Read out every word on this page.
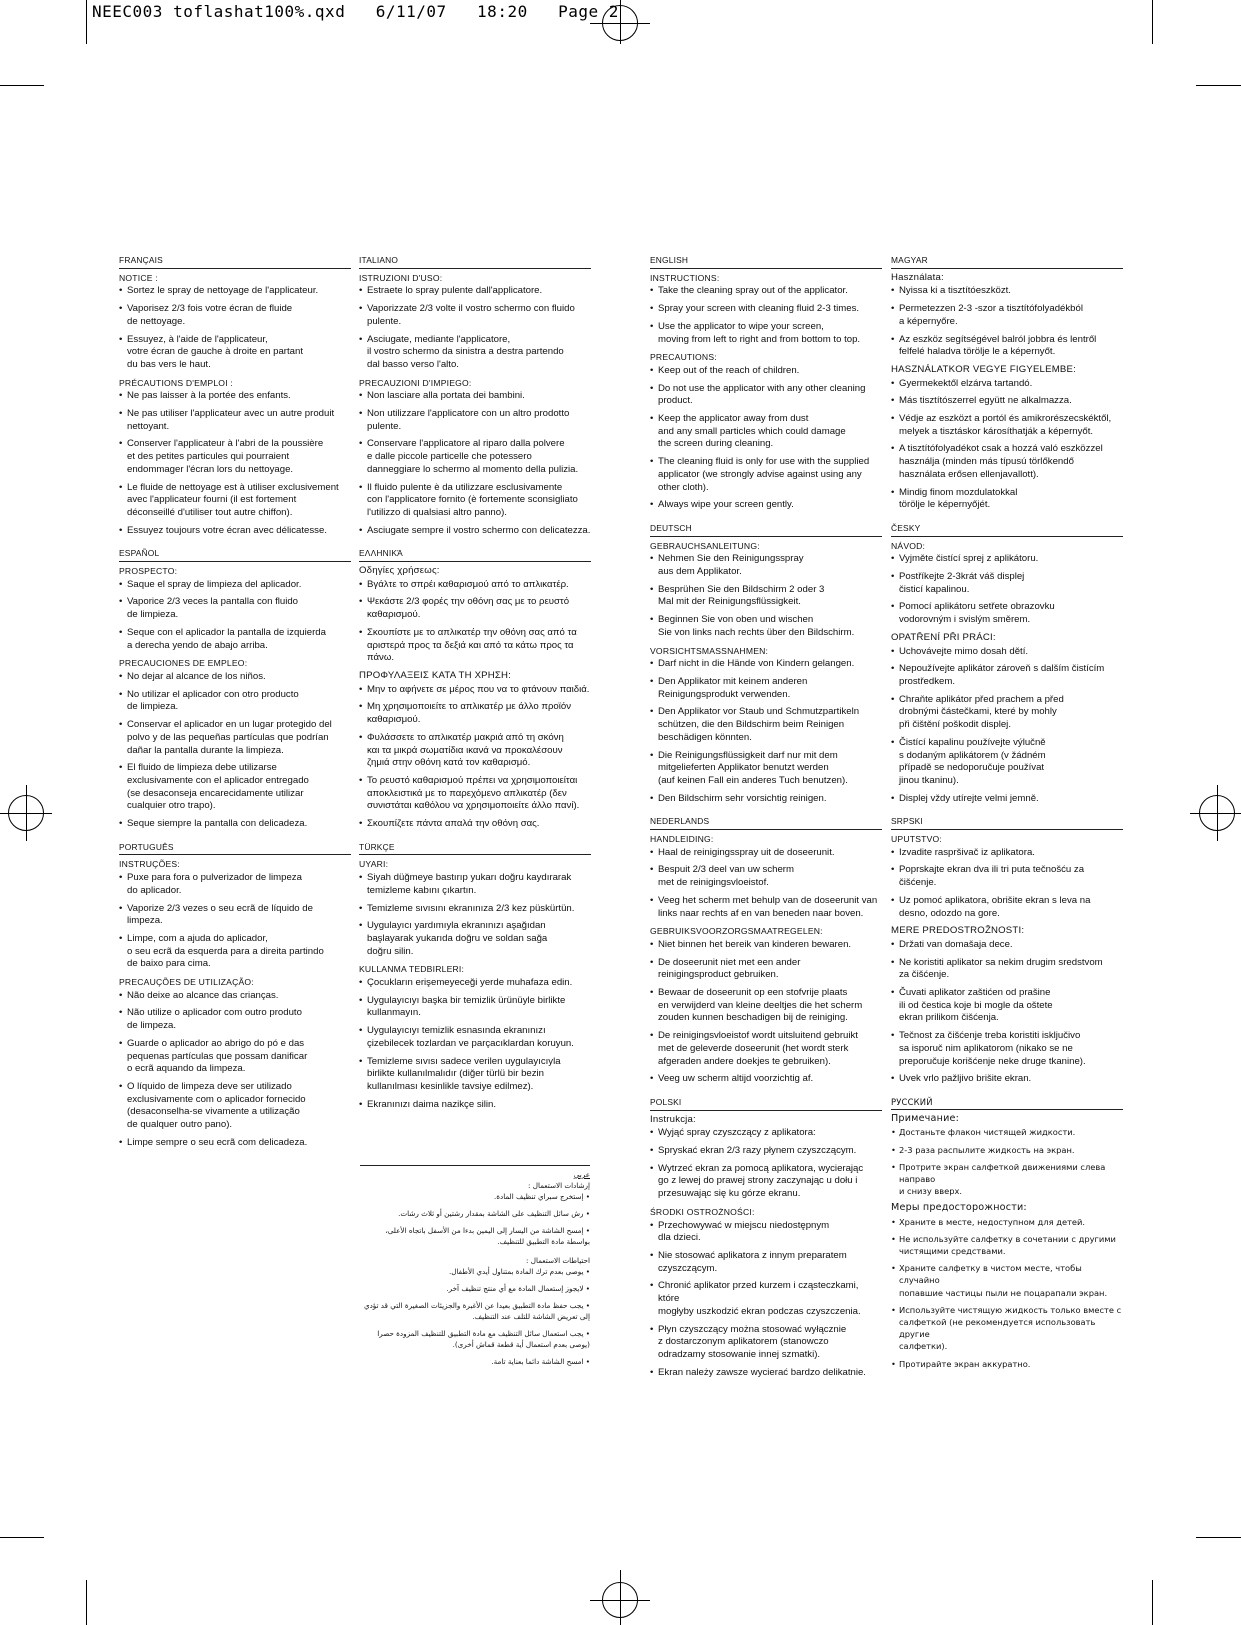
NEEC003 toflashat100%.qxd   6/11/07   18:20   Page 2
FRANÇAIS
NOTICE :
• Sortez le spray de nettoyage de l'applicateur.
• Vaporisez 2/3 fois votre écran de fluide
de nettoyage.
• Essuyez, à l'aide de l'applicateur,
votre écran de gauche à droite en partant
du bas vers le haut.
PRÉCAUTIONS D'EMPLOI :
• Ne pas laisser à la portée des enfants.
• Ne pas utiliser l'applicateur avec un autre produit
nettoyant.
• Conserver l'applicateur à l'abri de la poussière
et des petites particules qui pourraient
endommager l'écran lors du nettoyage.
• Le fluide de nettoyage est à utiliser exclusivement
avec l'applicateur fourni (il est fortement
déconseillé d'utiliser tout autre chiffon).
• Essuyez toujours votre écran avec délicatesse.
ESPAÑOL
PROSPECTO:
• Saque el spray de limpieza del aplicador.
• Vaporice 2/3 veces la pantalla con fluido
de limpieza.
• Seque con el aplicador la pantalla de izquierda
a derecha yendo de abajo arriba.
PRECAUCIONES DE EMPLEO:
• No dejar al alcance de los niños.
• No utilizar el aplicador con otro producto
de limpieza.
• Conservar el aplicador en un lugar protegido del
polvo y de las pequeñas partículas que podrían
dañar la pantalla durante la limpieza.
• El fluido de limpieza debe utilizarse
exclusivamente con el aplicador entregado
(se desaconseja encarecidamente utilizar
cualquier otro trapo).
• Seque siempre la pantalla con delicadeza.
PORTUGUÊS
INSTRUÇÕES:
• Puxe para fora o pulverizador de limpeza
do aplicador.
• Vaporize 2/3 vezes o seu ecrã de líquido de limpeza.
• Limpe, com a ajuda do aplicador,
o seu ecrã da esquerda para a direita partindo
de baixo para cima.
PRECAUÇÕES DE UTILIZAÇÃO:
• Não deixe ao alcance das crianças.
• Não utilize o aplicador com outro produto
de limpeza.
• Guarde o aplicador ao abrigo do pó e das
pequenas partículas que possam danificar
o ecrã aquando da limpeza.
• O líquido de limpeza deve ser utilizado
exclusivamente com o aplicador fornecido
(desaconselha-se vivamente a utilização
de qualquer outro pano).
• Limpe sempre o seu ecrã com delicadeza.
ITALIANO
ISTRUZIONI D'USO:
• Estraete lo spray pulente dall'applicatore.
• Vaporizzate 2/3 volte il vostro schermo con fluido
pulente.
• Asciugate, mediante l'applicatore,
il vostro schermo da sinistra a destra partendo
dal basso verso l'alto.
PRECAUZIONI D'IMPIEGO:
• Non lasciare alla portata dei bambini.
• Non utilizzare l'applicatore con un altro prodotto
pulente.
• Conservare l'applicatore al riparo dalla polvere
e dalle piccole particelle che potessero
danneggiare lo schermo al momento della pulizia.
• Il fluido pulente è da utilizzare esclusivamente
con l'applicatore fornito (è fortemente sconsigliato
l'utilizzo di qualsiasi altro panno).
• Asciugate sempre il vostro schermo con delicatezza.
ΕΛΛΗΝΙΚΆ
Οδηγίες χρήσεως:
• Βγάλτε το σπρέι καθαρισμού από το απλικατέρ.
• Ψεκάστε 2/3 φορές την οθόνη σας με το ρευστό
καθαρισμού.
• Σκουπίστε με το απλικατέρ την οθόνη σας από τα
αριστερά προς τα δεξιά και από τα κάτω προς τα
πάνω.
ΠΡΟΦΥΛΑΞΕΙΣ ΚΑΤΑ ΤΗ ΧΡΗΣΗ:
• Μην το αφήνετε σε μέρος που να το φτάνουν παιδιά.
• Μη χρησιμοποιείτε το απλικατέρ με άλλο προϊόν
καθαρισμού.
• Φυλάσσετε το απλικατέρ μακριά από τη σκόνη
και τα μικρά σωματίδια ικανά να προκαλέσουν
ζημιά στην οθόνη κατά τον καθαρισμό.
• Το ρευστό καθαρισμού πρέπει να χρησιμοποιείται
αποκλειστικά με το παρεχόμενο απλικατέρ (δεν
συνιστάται καθόλου να χρησιμοποιείτε άλλο πανί).
• Σκουπίζετε πάντα απαλά την οθόνη σας.
TÜRKÇE
UYARI:
• Siyah düğmeye bastırıp yukarı doğru kaydırarak
temizleme kabını çıkartın.
• Temizleme sıvısını ekranınıza 2/3 kez püskürtün.
• Uygulayıcı yardımıyla ekranınızı aşağıdan
başlayarak yukarıda doğru ve soldan sağa
doğru silin.
KULLANMA TEDBIRLERI:
• Çocukların erişemeyeceği yerde muhafaza edin.
• Uygulayıcıyı başka bir temizlik ürünüyle birlikte
kullanmayın.
• Uygulayıcıyı temizlik esnasında ekranınızı
çizebilecek tozlardan ve parçacıklardan koruyun.
• Temizleme sıvısı sadece verilen uygulayıcıyla
birlikte kullanılmalıdır (diğer türlü bir bezin
kullanılması kesinlikle tavsiye edilmez).
• Ekranınızı daima nazikçe silin.
ENGLISH
INSTRUCTIONS:
• Take the cleaning spray out of the applicator.
• Spray your screen with cleaning fluid 2-3 times.
• Use the applicator to wipe your screen,
moving from left to right and from bottom to top.
PRECAUTIONS:
• Keep out of the reach of children.
• Do not use the applicator with any other cleaning
product.
• Keep the applicator away from dust
and any small particles which could damage
the screen during cleaning.
• The cleaning fluid is only for use with the supplied
applicator (we strongly advise against using any
other cloth).
• Always wipe your screen gently.
DEUTSCH
GEBRAUCHSANLEITUNG:
• Nehmen Sie den Reinigungsspray
aus dem Applikator.
• Besprühen Sie den Bildschirm 2 oder 3
Mal mit der Reinigungsflüssigkeit.
• Beginnen Sie von oben und wischen
Sie von links nach rechts über den Bildschirm.
VORSICHTSMASSNAHMEN:
• Darf nicht in die Hände von Kindern gelangen.
• Den Applikator mit keinem anderen
Reinigungsprodukt verwenden.
• Den Applikator vor Staub und Schmutzpartikeln
schützen, die den Bildschirm beim Reinigen
beschädigen könnten.
• Die Reinigungsflüssigkeit darf nur mit dem
mitgelieferten Applikator benutzt werden
(auf keinen Fall ein anderes Tuch benutzen).
• Den Bildschirm sehr vorsichtig reinigen.
NEDERLANDS
HANDLEIDING:
• Haal de reinigingsspray uit de doseerunit.
• Bespuit 2/3 deel van uw scherm
met de reinigingsvloeistof.
• Veeg het scherm met behulp van de doseerunit van
links naar rechts af en van beneden naar boven.
GEBRUIKSVOORZORGSMAATREGELEN:
• Niet binnen het bereik van kinderen bewaren.
• De doseerunit niet met een ander
reinigingsproduct gebruiken.
• Bewaar de doseerunit op een stofvrije plaats
en verwijderd van kleine deeltjes die het scherm
zouden kunnen beschadigen bij de reiniging.
• De reinigingsvloeistof wordt uitsluitend gebruikt
met de geleverde doseerunit (het wordt sterk
afgeraden andere doekjes te gebruiken).
• Veeg uw scherm altijd voorzichtig af.
POLSKI
Instrukcja:
• Wyjąć spray czyszczący z aplikatora:
• Spryskać ekran 2/3 razy płynem czyszczącym.
• Wytrzeć ekran za pomocą aplikatora, wycierając
go z lewej do prawej strony zaczynając u dołu i
przesuwając się ku górze ekranu.
ŚRODKI OSTROŻNOŚCI:
• Przechowywać w miejscu niedostępnym
dla dzieci.
• Nie stosować aplikatora z innym preparatem
czyszczącym.
• Chronić aplikator przed kurzem i cząsteczkami, które
mogłyby uszkodzić ekran podczas czyszczenia.
• Płyn czyszczący można stosować wyłącznie
z dostarczonym aplikatorem (stanowczo
odradzamy stosowanie innej szmatki).
• Ekran należy zawsze wycierać bardzo delikatnie.
MAGYAR
Használata:
• Nyissa ki a tisztítóeszközt.
• Permetezzen 2-3 -szor a tisztítófolyadékból
a képernyőre.
• Az eszköz segítségével balról jobbra és lentről
felfelé haladva törölje le a képernyőt.
HASZNÁLATKOR VEGYE FIGYELEMBE:
• Gyermekektől elzárva tartandó.
• Más tisztítószerrel együtt ne alkalmazza.
• Védje az eszközt a portól és amikrorészecskéktől,
melyek a tisztáskor károsíthatják a képernyőt.
• A tisztítófolyadékot csak a hozzá való eszközzel
használja (minden más típusú törlőkendő
használata erősen ellenjavallott).
• Mindig finom mozdulatokkal
törölje le képernyőjét.
ČESKY
NÁVOD:
• Vyjměte čistící sprej z aplikátoru.
• Postříkejte 2-3krát váš displej
čisticí kapalinou.
• Pomocí aplikátoru setřete obrazovku
vodorovným i svislým směrem.
OPATŘENÍ PŘI PRÁCI:
• Uchovávejte mimo dosah dětí.
• Nepoužívejte aplikátor zároveň s dalším čistícím
prostředkem.
• Chraňte aplikátor před prachem a před
drobnými částečkami, které by mohly
při čištění poškodit displej.
• Čistící kapalinu používejte výlučně
s dodaným aplikátorem (v žádném
případě se nedoporučuje používat
jinou tkaninu).
• Displej vždy utírejte velmi jemně.
SRPSKI
UPUTSTVO:
• Izvadite raspršivač iz aplikatora.
• Poprskajte ekran dva ili tri puta tečnošću za
čišćenje.
• Uz pomoć aplikatora, obrišite ekran s leva na
desno, odozdo na gore.
MERE PREDOSTROŽNOSTI:
• Držati van domašaja dece.
• Ne koristiti aplikator sa nekim drugim sredstvom
za čišćenje.
• Čuvati aplikator zaštićen od prašine
ili od čestica koje bi mogle da oštete
ekran prilikom čišćenja.
• Tečnost za čišćenje treba koristiti isključivo
sa isporuč nim aplikatorom (nikako se ne
preporučuje korišćenje neke druge tkanine).
• Uvek vrlo pažljivo brišite ekran.
РУССКИЙ
Примечание:
• Достаньте флакон чистящей жидкости.
• 2-3 раза распылите жидкость на экран.
• Протрите экран салфеткой движениями слева направо
и снизу вверх.
Меры предосторожности:
• Храните в месте, недоступном для детей.
• Не используйте салфетку в сочетании с другими
чистящими средствами.
• Храните салфетку в чистом месте, чтобы случайно
попавшие частицы пыли не поцарапали экран.
• Используйте чистящую жидкость только вместе с
салфеткой (не рекомендуется использовать другие
салфетки).
• Протирайте экран аккуратно.
عربي
إرشادات الاستعمال :
• إستخرج سبراي تنظيف المادة.
• رش سائل التنظيف على الشاشة بمقدار رشتين أو ثلاث رشات.
• إمسح الشاشة من اليسار إلى اليمين بدءا من الأسفل باتجاه الأعلى، بواسطة مادة التطبيق للتنظيف.
احتياطات الاستعمال :
• يوصى بعدم ترك المادة بمتناول أيدي الأطفال.
• لايجوز إستعمال المادة مع أي منتج تنظيف آخر.
• يجب حفظ مادة التطبيق بعيدا عن الأغبرة والجزيئات الصغيرة التي قد تؤدي إلى تعريض الشاشة للتلف عند التنظيف.
• يجب استعمال سائل التنظيف مع مادة التطبيق للتنظيف المزودة حصرا (يوصى بعدم استعمال أية قطعة قماش أخرى).
• امسح الشاشة دائما بعناية تامة.
